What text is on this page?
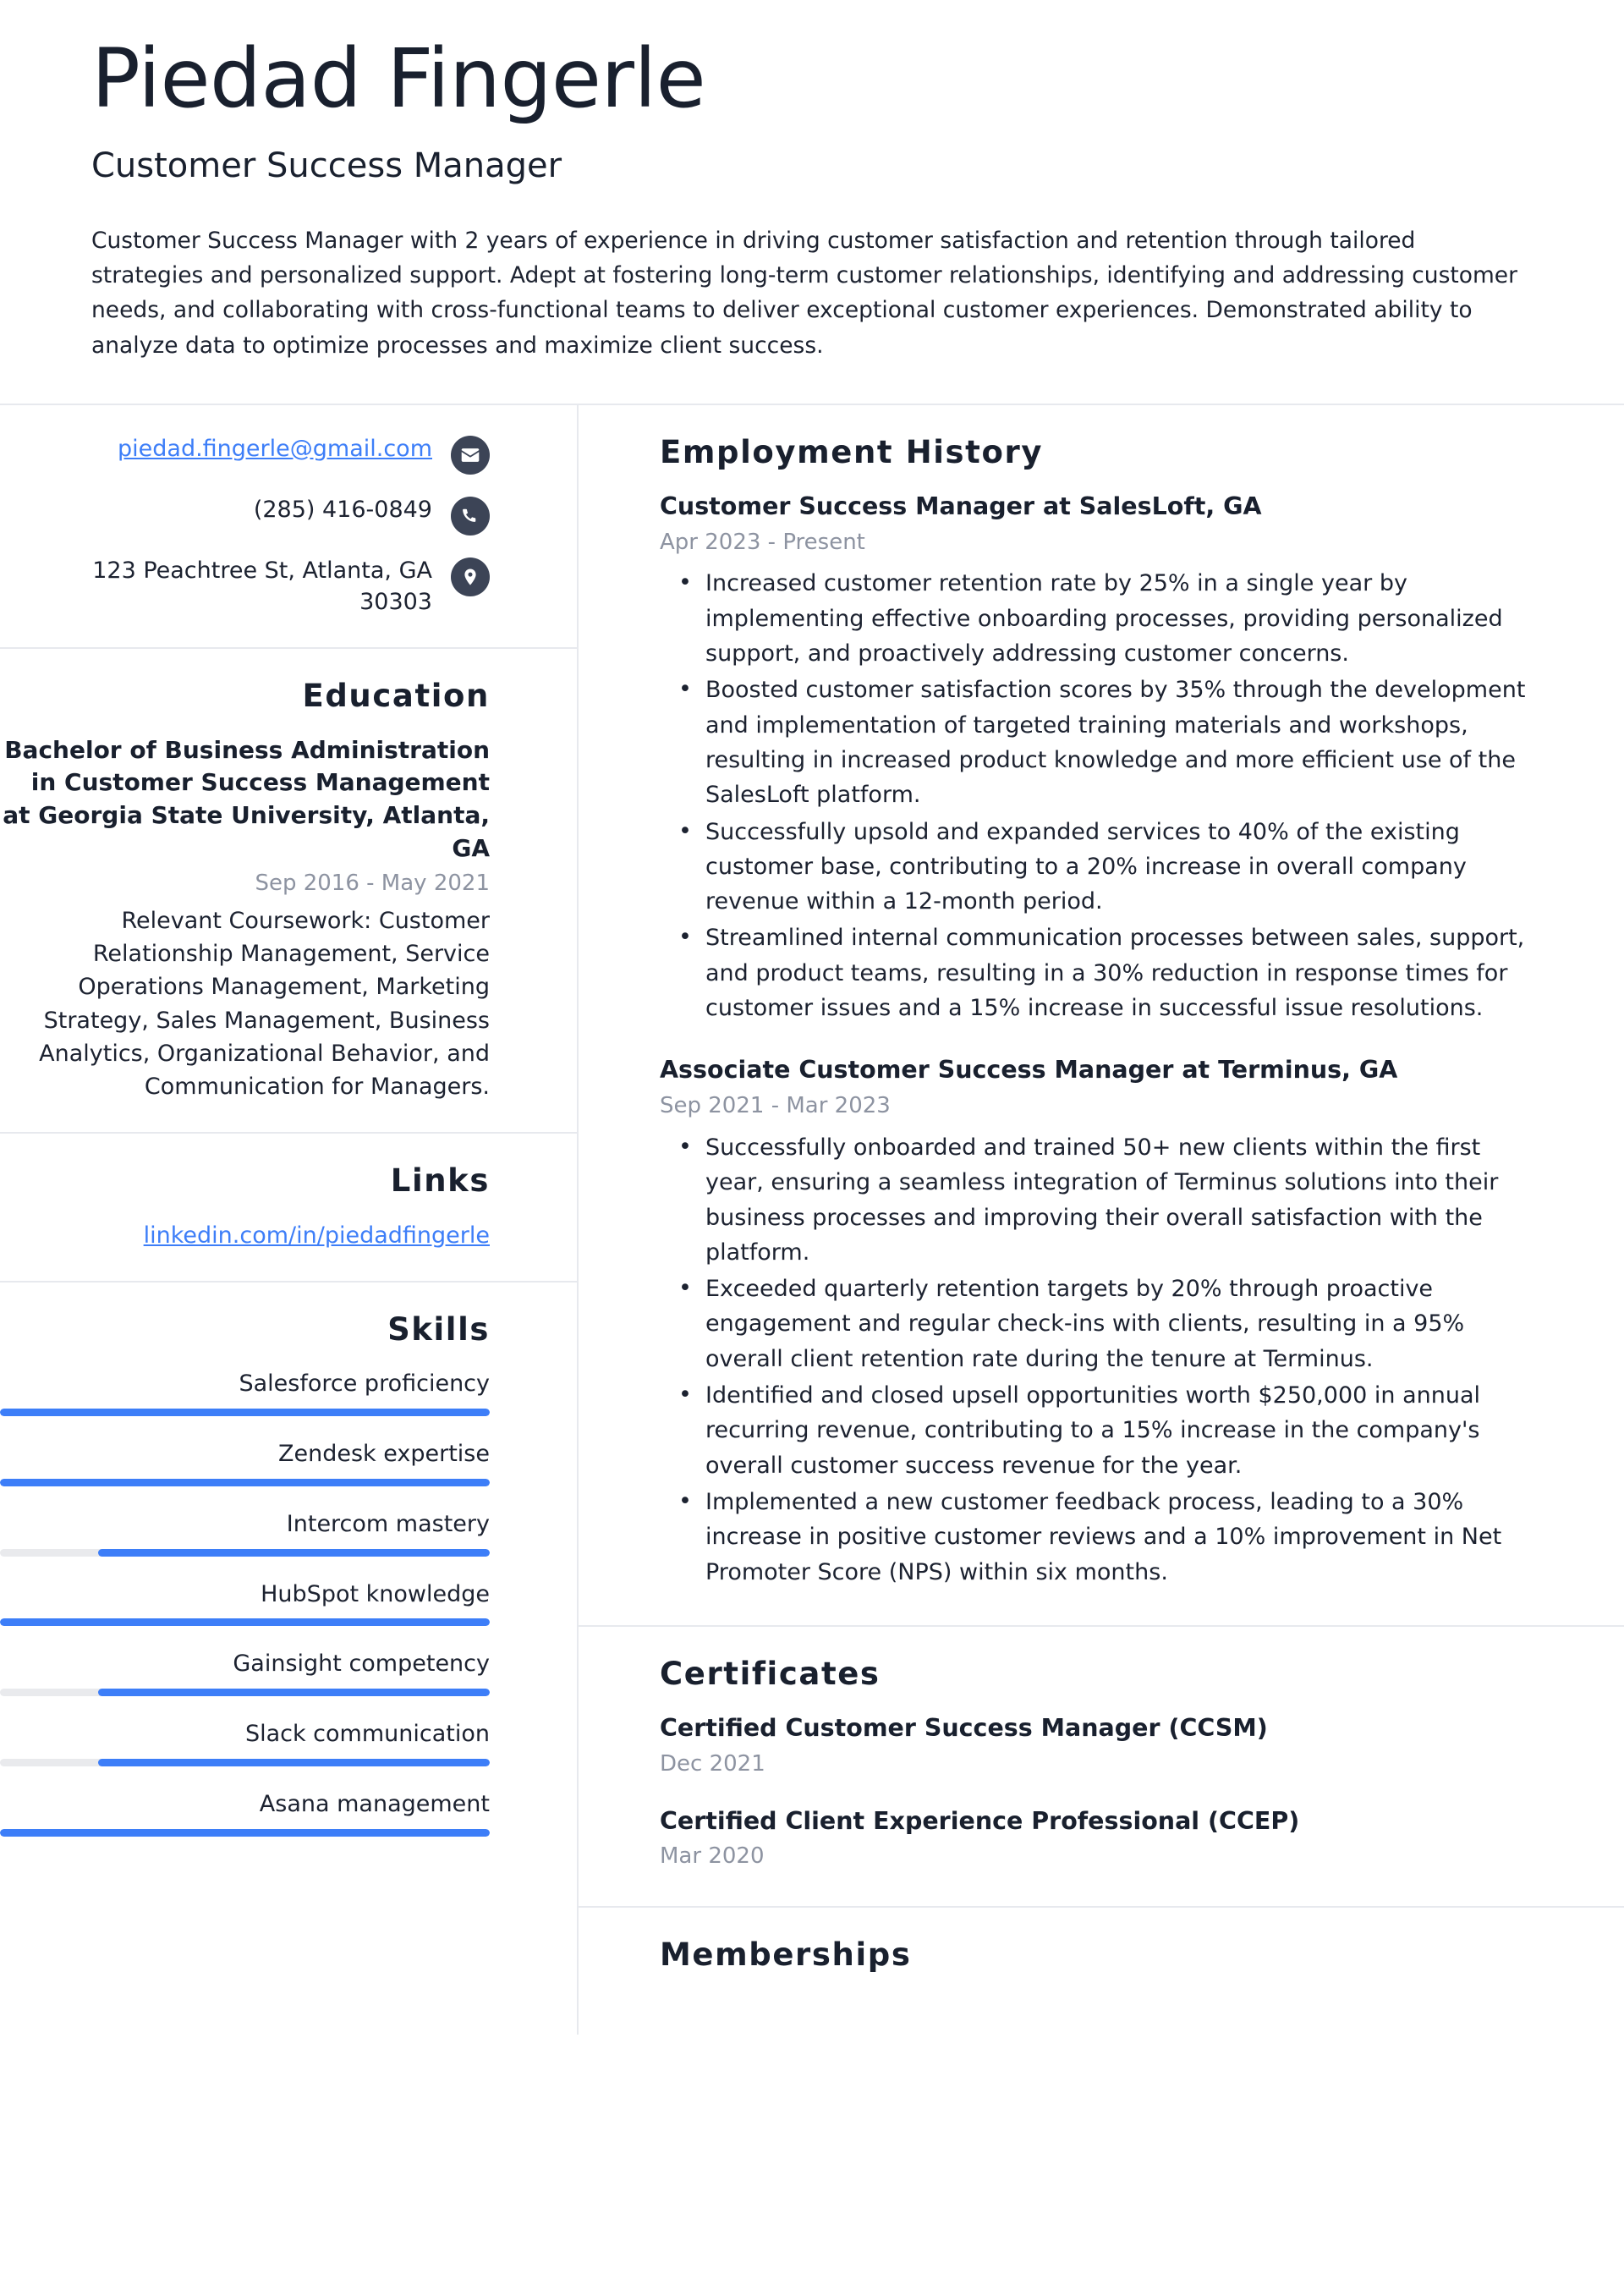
Piedad Fingerle
Customer Success Manager

Customer Success Manager with 2 years of experience in driving customer satisfaction and retention through tailored strategies and personalized support. Adept at fostering long-term customer relationships, identifying and addressing customer needs, and collaborating with cross-functional teams to deliver exceptional customer experiences. Demonstrated ability to analyze data to optimize processes and maximize client success.

piedad.fingerle@gmail.com
(285) 416-0849
123 Peachtree St, Atlanta, GA 30303
Education
Bachelor of Business Administration in Customer Success Management at Georgia State University, Atlanta, GA
Sep 2016 - May 2021
Relevant Coursework: Customer Relationship Management, Service Operations Management, Marketing Strategy, Sales Management, Business Analytics, Organizational Behavior, and Communication for Managers.
Links
linkedin.com/in/piedadfingerle
Skills
Salesforce proficiency
Zendesk expertise
Intercom mastery
HubSpot knowledge
Gainsight competency
Slack communication
Asana management
Employment History
Customer Success Manager at SalesLoft, GA
Apr 2023 - Present
• Increased customer retention rate by 25% in a single year by implementing effective onboarding processes, providing personalized support, and proactively addressing customer concerns.
• Boosted customer satisfaction scores by 35% through the development and implementation of targeted training materials and workshops, resulting in increased product knowledge and more efficient use of the SalesLoft platform.
• Successfully upsold and expanded services to 40% of the existing customer base, contributing to a 20% increase in overall company revenue within a 12-month period.
• Streamlined internal communication processes between sales, support, and product teams, resulting in a 30% reduction in response times for customer issues and a 15% increase in successful issue resolutions.
Associate Customer Success Manager at Terminus, GA
Sep 2021 - Mar 2023
• Successfully onboarded and trained 50+ new clients within the first year, ensuring a seamless integration of Terminus solutions into their business processes and improving their overall satisfaction with the platform.
• Exceeded quarterly retention targets by 20% through proactive engagement and regular check-ins with clients, resulting in a 95% overall client retention rate during the tenure at Terminus.
• Identified and closed upsell opportunities worth $250,000 in annual recurring revenue, contributing to a 15% increase in the company's overall customer success revenue for the year.
• Implemented a new customer feedback process, leading to a 30% increase in positive customer reviews and a 10% improvement in Net Promoter Score (NPS) within six months.
Certificates
Certified Customer Success Manager (CCSM)
Dec 2021
Certified Client Experience Professional (CCEP)
Mar 2020
Memberships
